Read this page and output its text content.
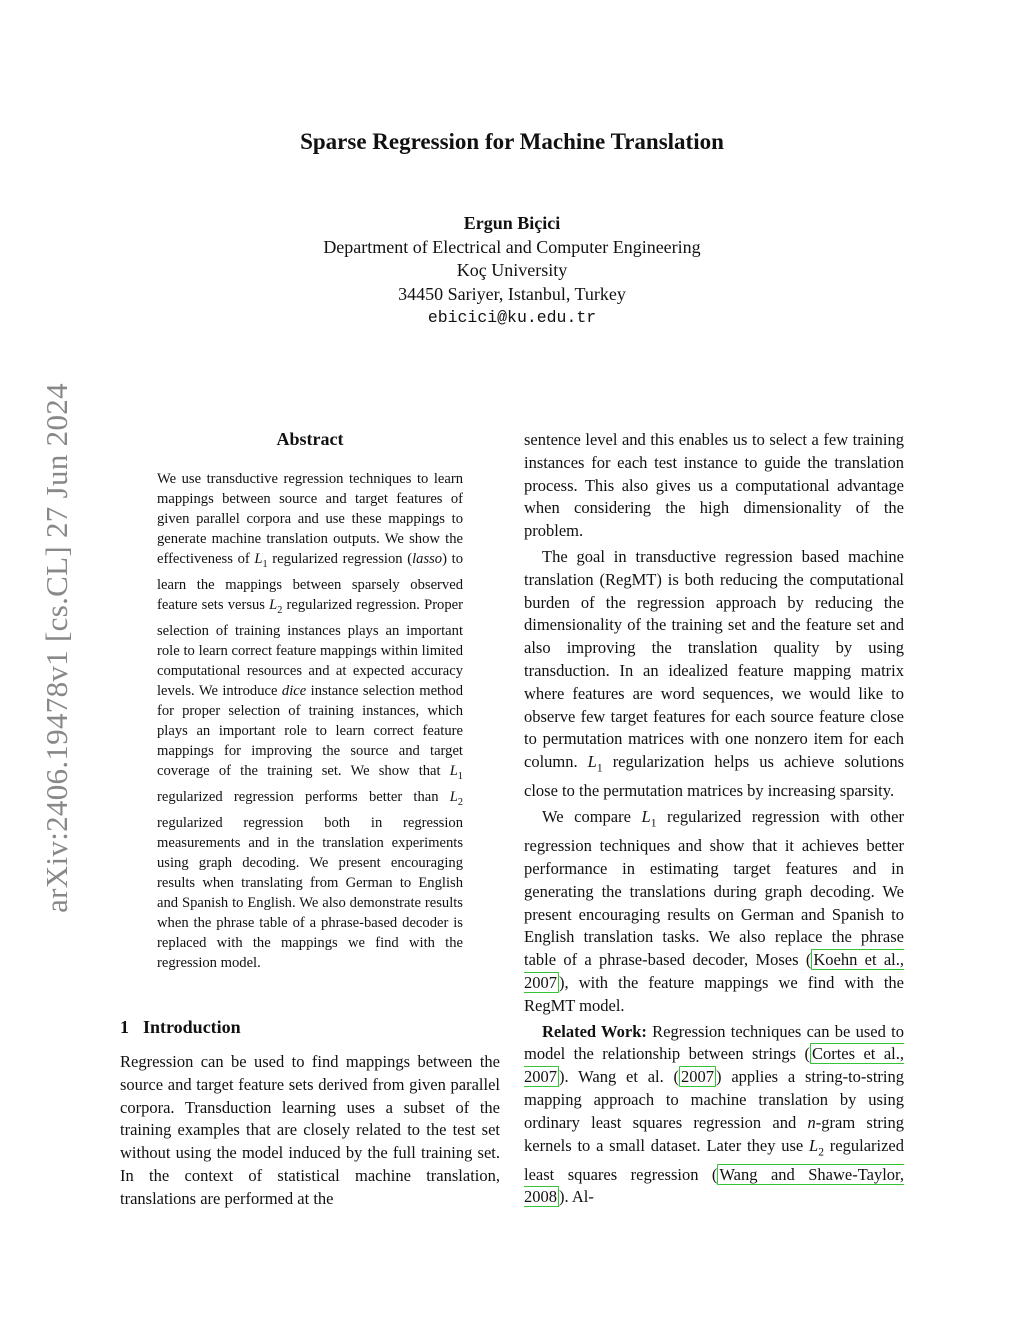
arXiv:2406.19478v1 [cs.CL] 27 Jun 2024
Sparse Regression for Machine Translation
Ergun Biçici
Department of Electrical and Computer Engineering
Koç University
34450 Sariyer, Istanbul, Turkey
ebicici@ku.edu.tr
Abstract
We use transductive regression techniques to learn mappings between source and target features of given parallel corpora and use these mappings to generate machine translation outputs. We show the effectiveness of $L_1$ regularized regression (lasso) to learn the mappings between sparsely observed feature sets versus $L_2$ regularized regression. Proper selection of training instances plays an important role to learn correct feature mappings within limited computational resources and at expected accuracy levels. We introduce dice instance selection method for proper selection of training instances, which plays an important role to learn correct feature mappings for improving the source and target coverage of the training set. We show that $L_1$ regularized regression performs better than $L_2$ regularized regression both in regression measurements and in the translation experiments using graph decoding. We present encouraging results when translating from German to English and Spanish to English. We also demonstrate results when the phrase table of a phrase-based decoder is replaced with the mappings we find with the regression model.
1 Introduction
Regression can be used to find mappings between the source and target feature sets derived from given parallel corpora. Transduction learning uses a subset of the training examples that are closely related to the test set without using the model induced by the full training set. In the context of statistical machine translation, translations are performed at the

sentence level and this enables us to select a few training instances for each test instance to guide the translation process. This also gives us a computational advantage when considering the high dimensionality of the problem.

The goal in transductive regression based machine translation (RegMT) is both reducing the computational burden of the regression approach by reducing the dimensionality of the training set and the feature set and also improving the translation quality by using transduction. In an idealized feature mapping matrix where features are word sequences, we would like to observe few target features for each source feature close to permutation matrices with one nonzero item for each column. $L_1$ regularization helps us achieve solutions close to the permutation matrices by increasing sparsity.

We compare $L_1$ regularized regression with other regression techniques and show that it achieves better performance in estimating target features and in generating the translations during graph decoding. We present encouraging results on German and Spanish to English translation tasks. We also replace the phrase table of a phrase-based decoder, Moses ( Koehn et al., 2007 ), with the feature mappings we find with the RegMT model.

Related Work: Regression techniques can be used to model the relationship between strings ( Cortes et al., 2007 ). Wang et al. ( 2007 ) applies a string-to-string mapping approach to machine translation by using ordinary least squares regression and n-gram string kernels to a small dataset. Later they use $L_2$ regularized least squares regression ( Wang and Shawe-Taylor, 2008 ). Al-
